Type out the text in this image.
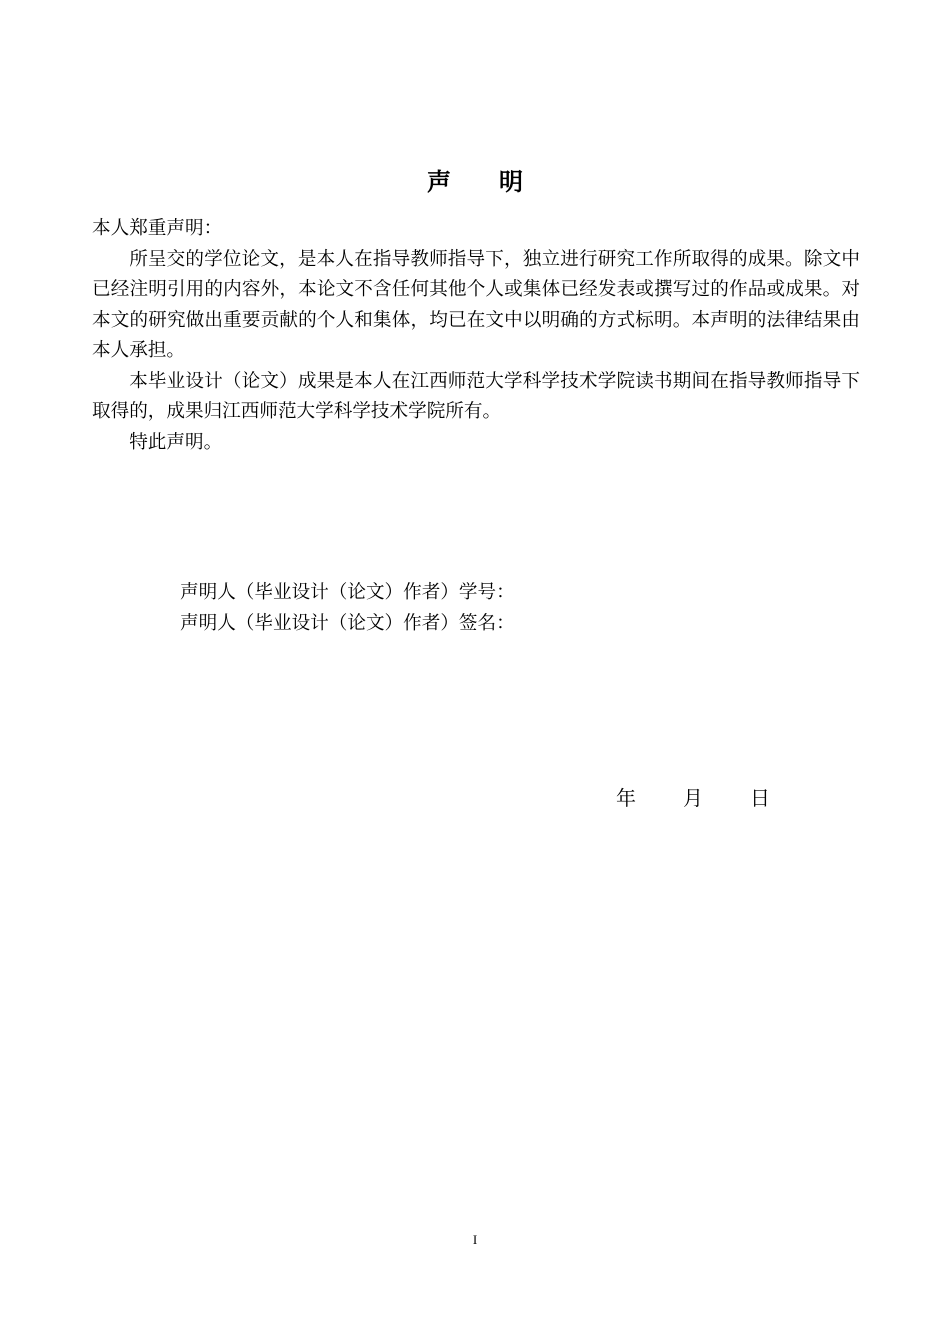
声明

本人郑重声明：

所呈交的学位论文，是本人在指导教师指导下，独立进行研究工作所取得的成果。除文中已经注明引用的内容外，本论文不含任何其他个人或集体已经发表或撰写过的作品或成果。对本文的研究做出重要贡献的个人和集体，均已在文中以明确的方式标明。本声明的法律结果由本人承担。

本毕业设计（论文）成果是本人在江西师范大学科学技术学院读书期间在指导教师指导下取得的，成果归江西师范大学科学技术学院所有。

特此声明。

声明人（毕业设计（论文）作者）学号：
声明人（毕业设计（论文）作者）签名：
年 月 日
I
